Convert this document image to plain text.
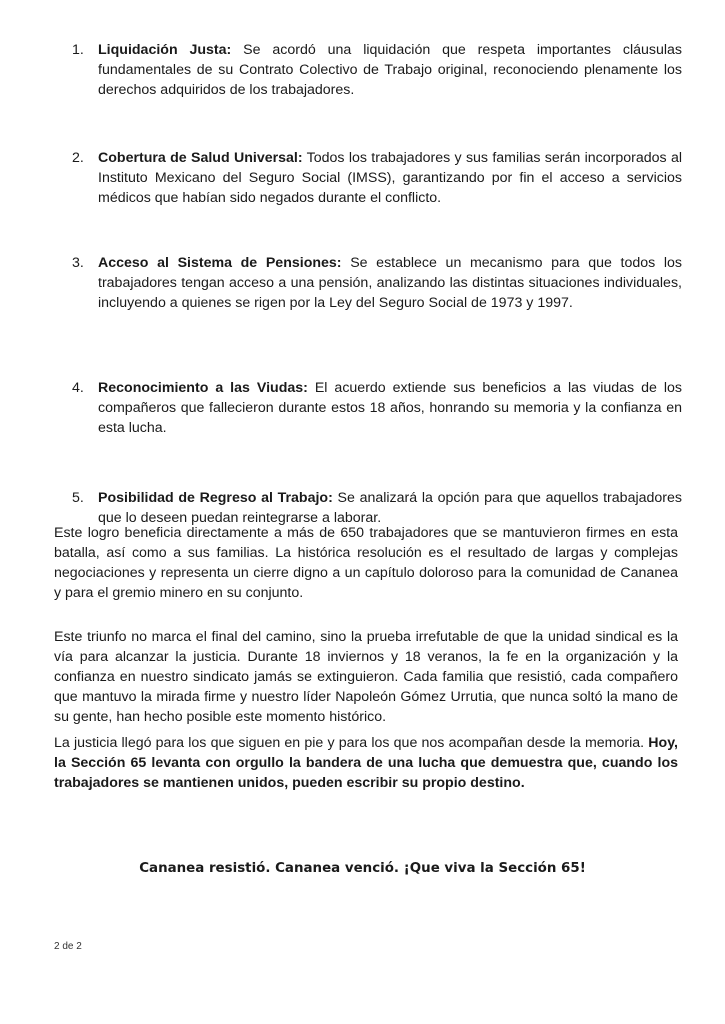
1. Liquidación Justa: Se acordó una liquidación que respeta importantes cláusulas fundamentales de su Contrato Colectivo de Trabajo original, reconociendo plenamente los derechos adquiridos de los trabajadores.
2. Cobertura de Salud Universal: Todos los trabajadores y sus familias serán incorporados al Instituto Mexicano del Seguro Social (IMSS), garantizando por fin el acceso a servicios médicos que habían sido negados durante el conflicto.
3. Acceso al Sistema de Pensiones: Se establece un mecanismo para que todos los trabajadores tengan acceso a una pensión, analizando las distintas situaciones individuales, incluyendo a quienes se rigen por la Ley del Seguro Social de 1973 y 1997.
4. Reconocimiento a las Viudas: El acuerdo extiende sus beneficios a las viudas de los compañeros que fallecieron durante estos 18 años, honrando su memoria y la confianza en esta lucha.
5. Posibilidad de Regreso al Trabajo: Se analizará la opción para que aquellos trabajadores que lo deseen puedan reintegrarse a laborar.

Este logro beneficia directamente a más de 650 trabajadores que se mantuvieron firmes en esta batalla, así como a sus familias. La histórica resolución es el resultado de largas y complejas negociaciones y representa un cierre digno a un capítulo doloroso para la comunidad de Cananea y para el gremio minero en su conjunto.

Este triunfo no marca el final del camino, sino la prueba irrefutable de que la unidad sindical es la vía para alcanzar la justicia. Durante 18 inviernos y 18 veranos, la fe en la organización y la confianza en nuestro sindicato jamás se extinguieron. Cada familia que resistió, cada compañero que mantuvo la mirada firme y nuestro líder Napoleón Gómez Urrutia, que nunca soltó la mano de su gente, han hecho posible este momento histórico.

La justicia llegó para los que siguen en pie y para los que nos acompañan desde la memoria. Hoy, la Sección 65 levanta con orgullo la bandera de una lucha que demuestra que, cuando los trabajadores se mantienen unidos, pueden escribir su propio destino.

Cananea resistió. Cananea venció. ¡Que viva la Sección 65!
2 de 2
